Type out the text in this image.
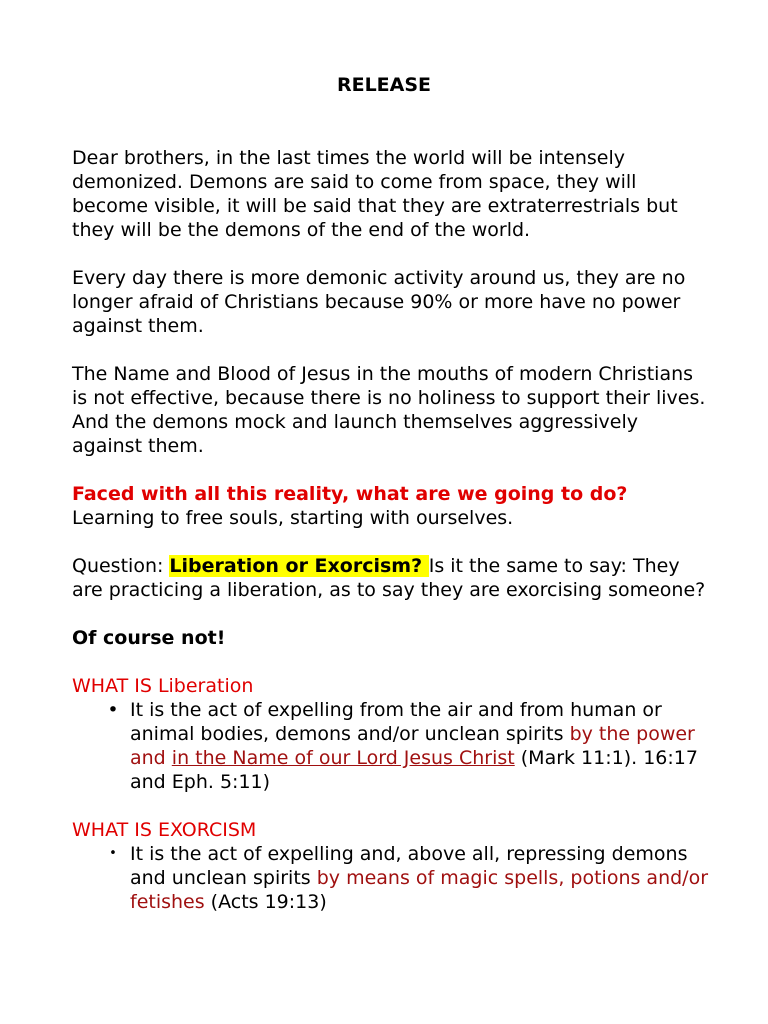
RELEASE

Dear brothers, in the last times the world will be intensely demonized. Demons are said to come from space, they will become visible, it will be said that they are extraterrestrials but they will be the demons of the end of the world.

Every day there is more demonic activity around us, they are no longer afraid of Christians because 90% or more have no power against them.

The Name and Blood of Jesus in the mouths of modern Christians is not effective, because there is no holiness to support their lives. And the demons mock and launch themselves aggressively against them.

Faced with all this reality, what are we going to do?
Learning to free souls, starting with ourselves.

Question: Liberation or Exorcism? Is it the same to say: They are practicing a liberation, as to say they are exorcising someone?

Of course not!

WHAT IS Liberation

• It is the act of expelling from the air and from human or animal bodies, demons and/or unclean spirits by the power and in the Name of our Lord Jesus Christ (Mark 11:1). 16:17 and Eph. 5:11)

WHAT IS EXORCISM

• It is the act of expelling and, above all, repressing demons and unclean spirits by means of magic spells, potions and/or fetishes (Acts 19:13)
